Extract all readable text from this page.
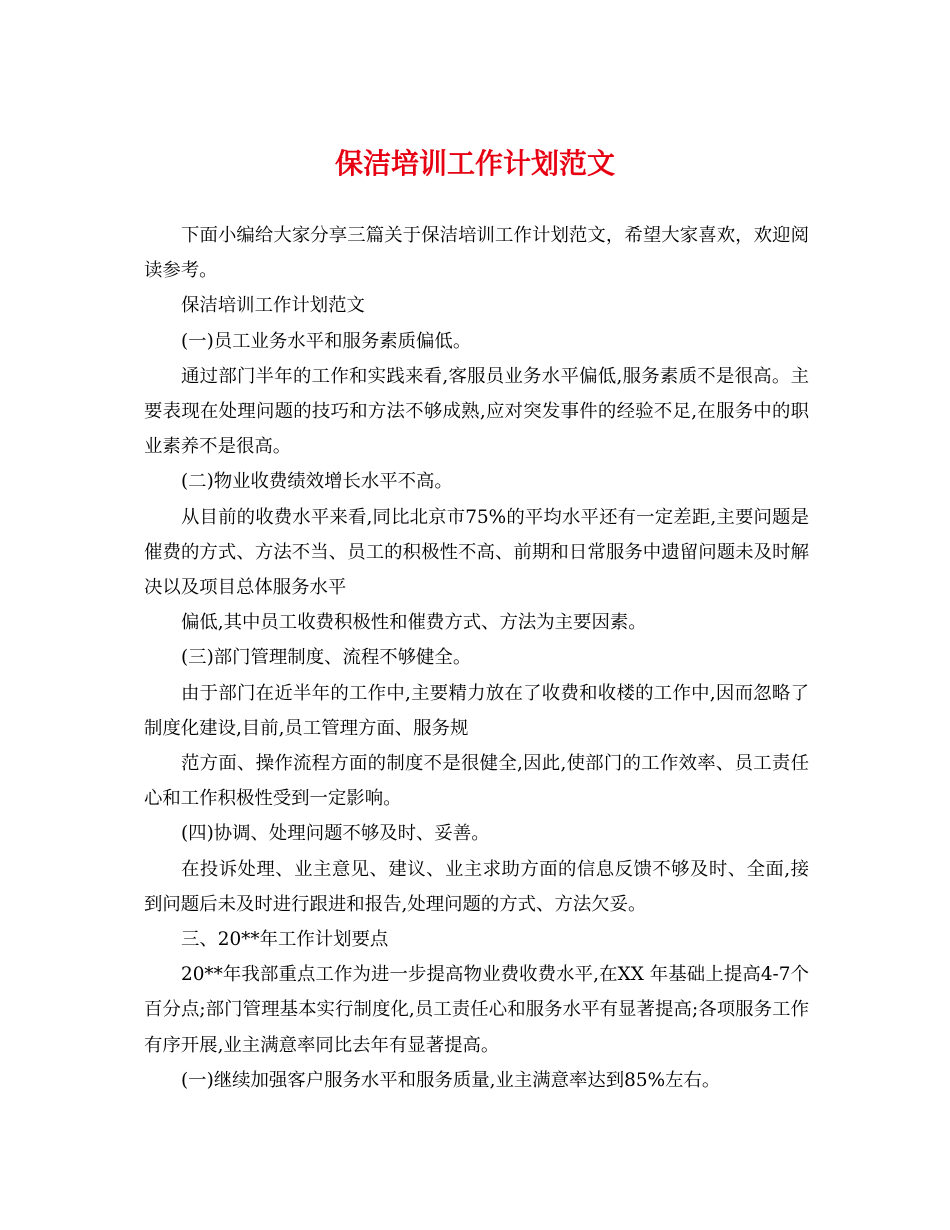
保洁培训工作计划范文

下面小编给大家分享三篇关于保洁培训工作计划范文，希望大家喜欢，欢迎阅读参考。

保洁培训工作计划范文

(一)员工业务水平和服务素质偏低。

通过部门半年的工作和实践来看,客服员业务水平偏低,服务素质不是很高。主要表现在处理问题的技巧和方法不够成熟,应对突发事件的经验不足,在服务中的职业素养不是很高。

(二)物业收费绩效增长水平不高。

从目前的收费水平来看,同比北京市75%的平均水平还有一定差距,主要问题是催费的方式、方法不当、员工的积极性不高、前期和日常服务中遗留问题未及时解决以及项目总体服务水平

偏低,其中员工收费积极性和催费方式、方法为主要因素。

(三)部门管理制度、流程不够健全。

由于部门在近半年的工作中,主要精力放在了收费和收楼的工作中,因而忽略了制度化建设,目前,员工管理方面、服务规

范方面、操作流程方面的制度不是很健全,因此,使部门的工作效率、员工责任心和工作积极性受到一定影响。

(四)协调、处理问题不够及时、妥善。

在投诉处理、业主意见、建议、业主求助方面的信息反馈不够及时、全面,接到问题后未及时进行跟进和报告,处理问题的方式、方法欠妥。

三、20**年工作计划要点

20**年我部重点工作为进一步提高物业费收费水平,在XX 年基础上提高4-7个百分点;部门管理基本实行制度化,员工责任心和服务水平有显著提高;各项服务工作有序开展,业主满意率同比去年有显著提高。

(一)继续加强客户服务水平和服务质量,业主满意率达到85%左右。
